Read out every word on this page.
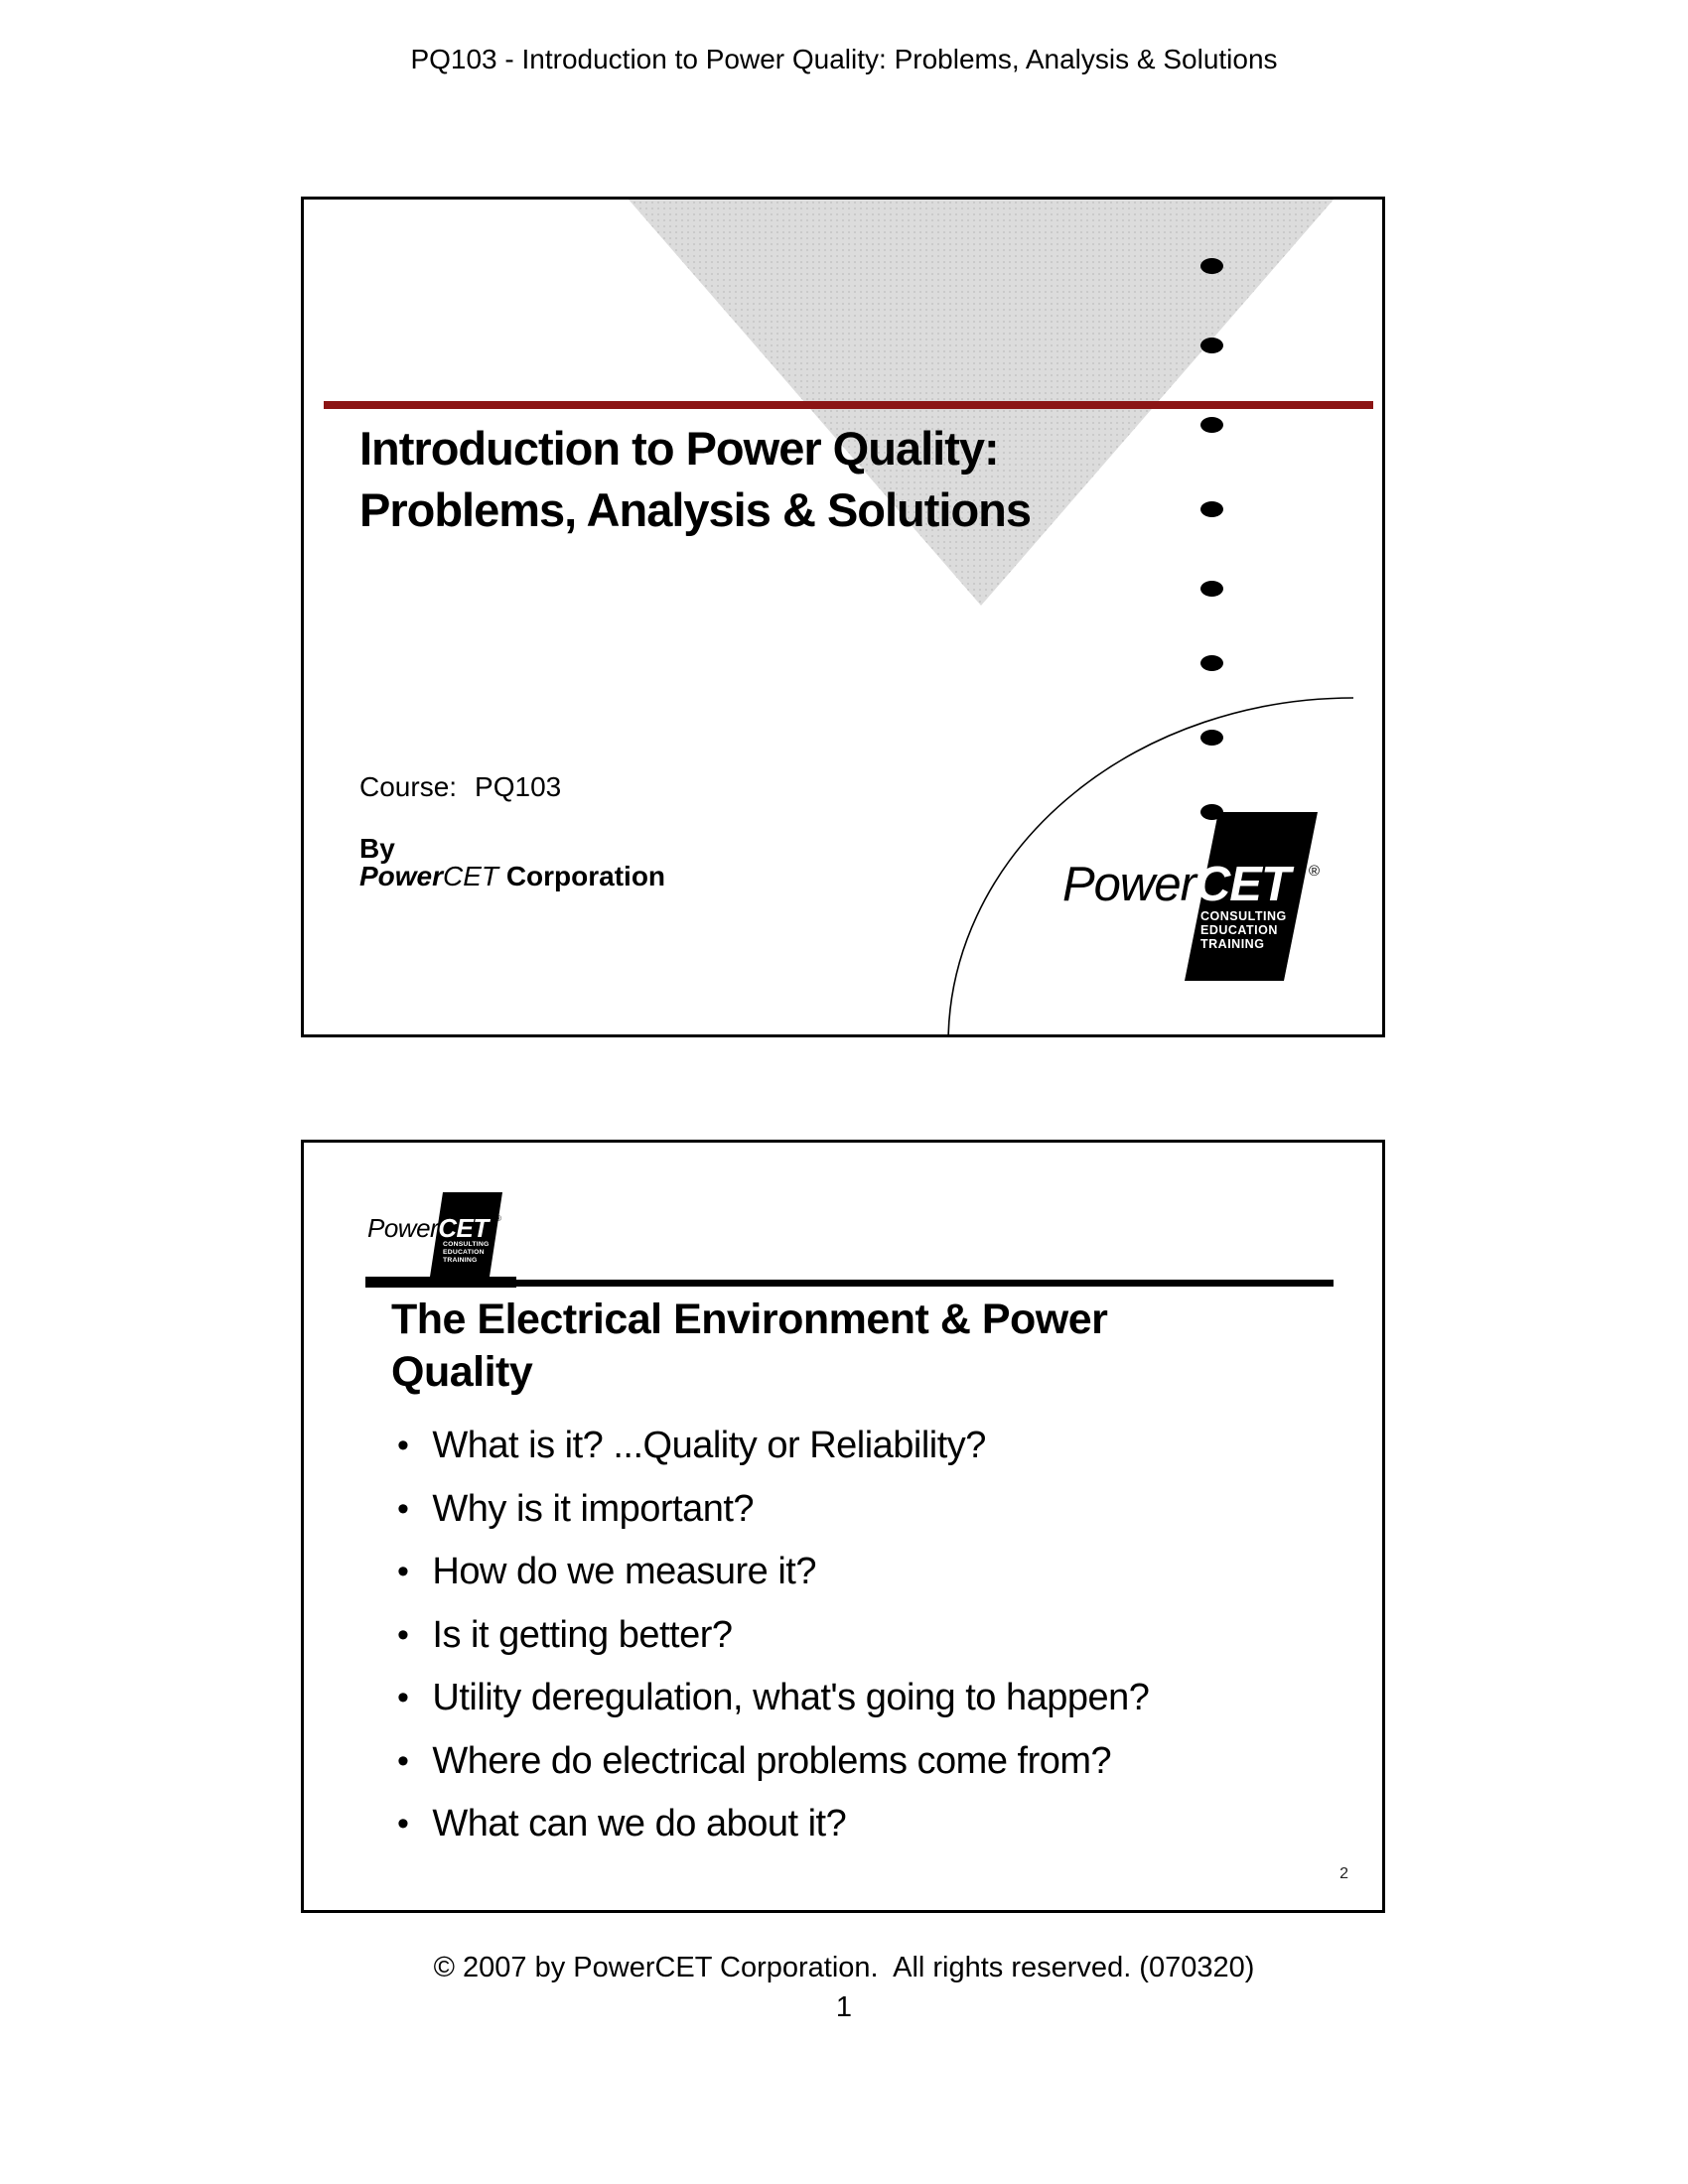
PQ103 - Introduction to Power Quality: Problems, Analysis & Solutions
Introduction to Power Quality:
Problems, Analysis & Solutions
Course: PQ103
By
PowerCET Corporation	PowerCET ®
CONSULTING
EDUCATION
TRAINING
PowerCET ®
CONSULTING
EDUCATION
TRAINING
The Electrical Environment & Power
Quality
• What is it? ...Quality or Reliability?
• Why is it important?
• How do we measure it?
• Is it getting better?
• Utility deregulation, what's going to happen?
• Where do electrical problems come from?
• What can we do about it?
2
© 2007 by PowerCET Corporation.  All rights reserved. (070320)
1
